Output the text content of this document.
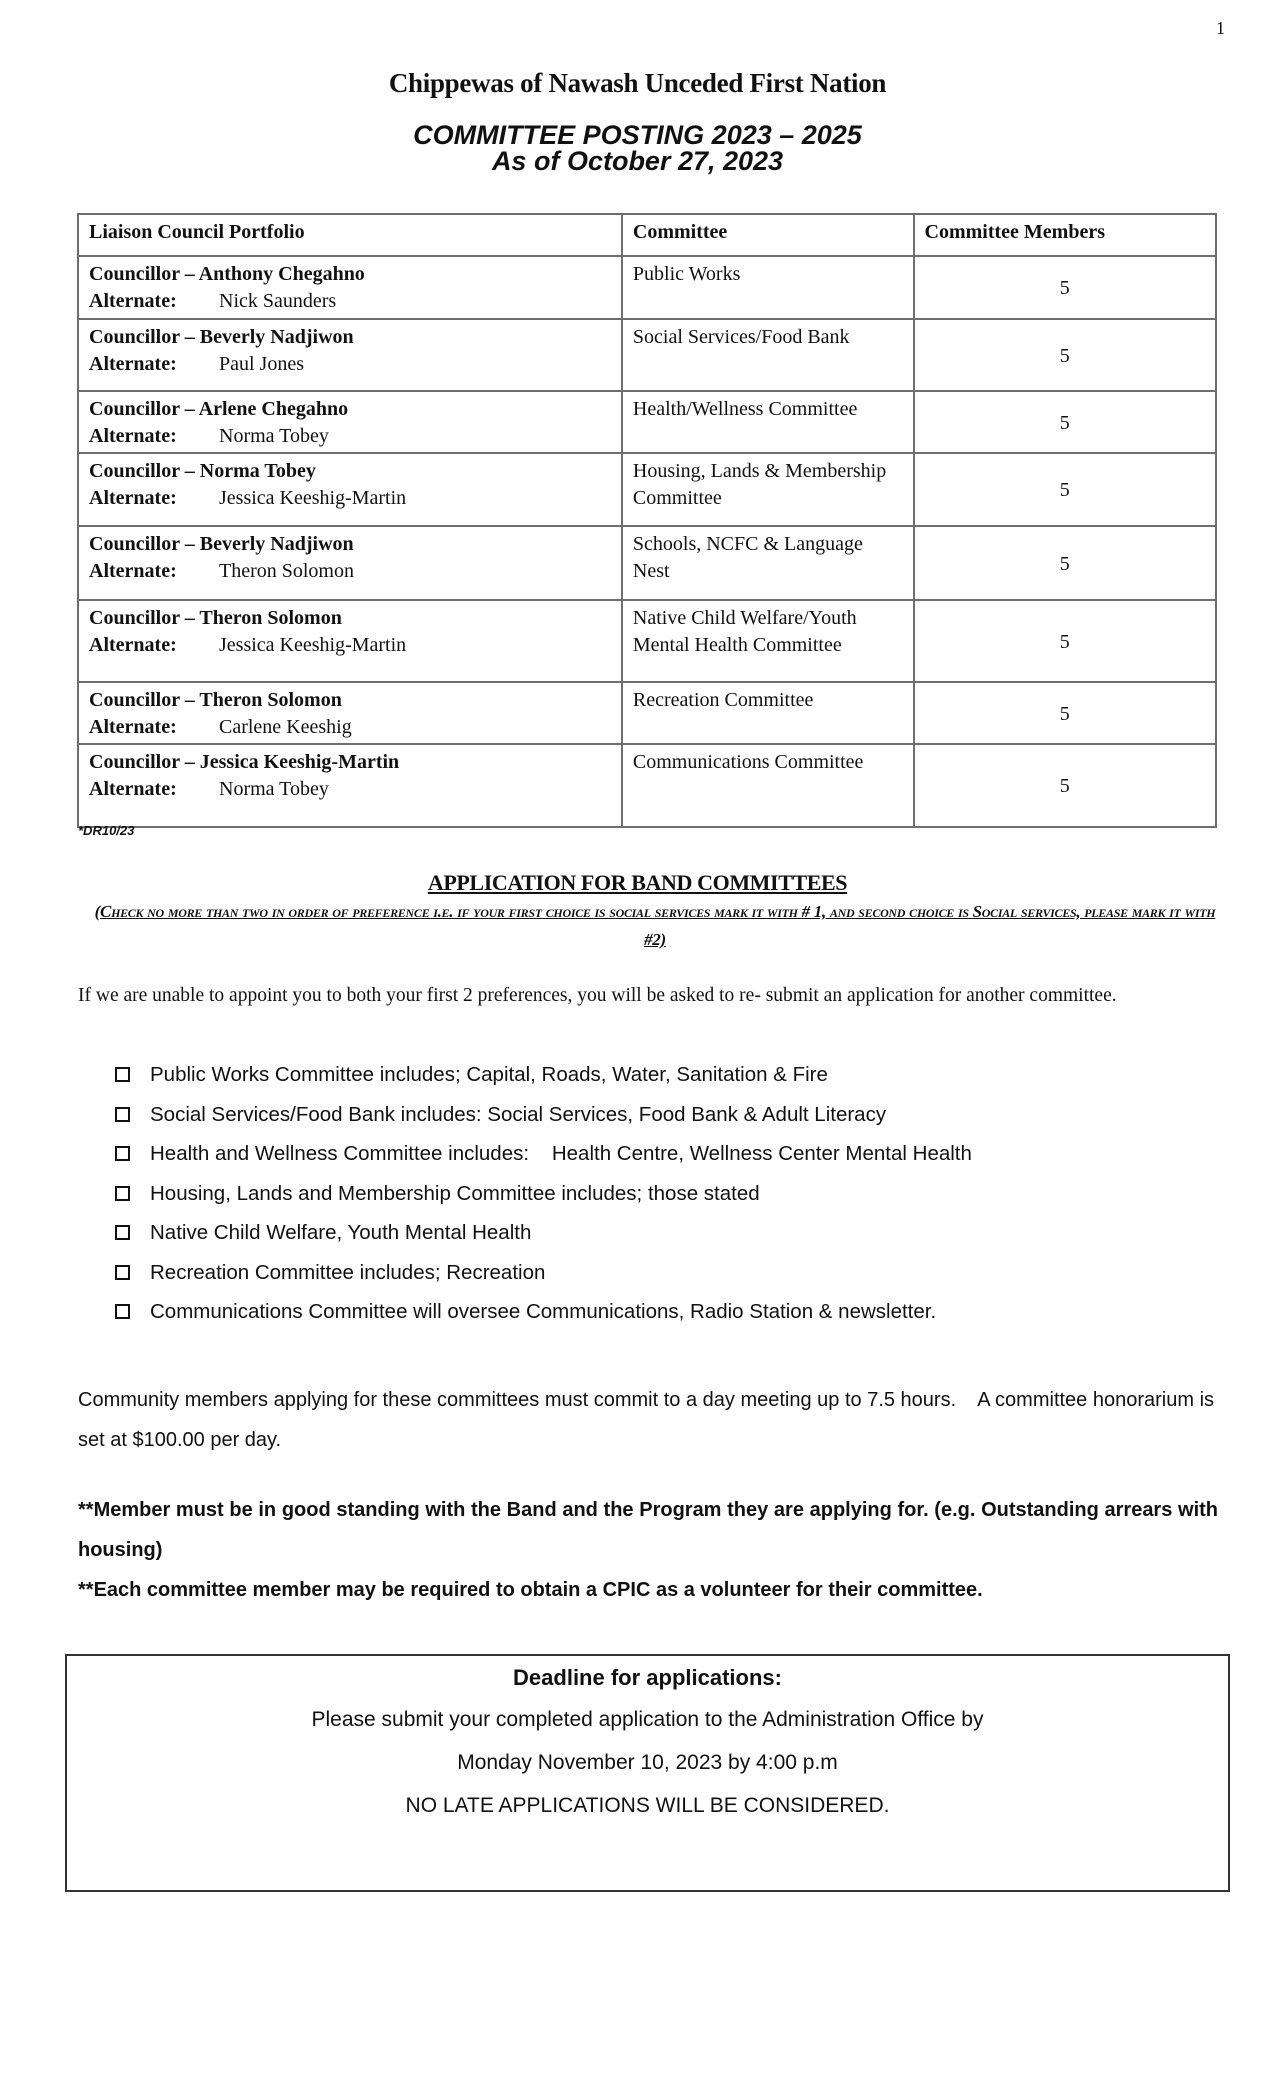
1
Chippewas of Nawash Unceded First Nation
COMMITTEE POSTING 2023 – 2025
As of October 27, 2023
Liaison Council Portfolio	Committee	Committee Members

Councillor – Anthony Chegahno
Alternate: Nick Saunders	Public Works	5

Councillor – Beverly Nadjiwon
Alternate: Paul Jones	Social Services/Food Bank	5

Councillor – Arlene Chegahno
Alternate: Norma Tobey	Health/Wellness Committee	5

Councillor – Norma Tobey
Alternate: Jessica Keeshig-Martin	Housing, Lands & Membership Committee	5

Councillor – Beverly Nadjiwon
Alternate: Theron Solomon	Schools, NCFC & Language Nest	5

Councillor – Theron Solomon
Alternate: Jessica Keeshig-Martin	Native Child Welfare/Youth Mental Health Committee	5

Councillor – Theron Solomon
Alternate: Carlene Keeshig	Recreation Committee	5

Councillor – Jessica Keeshig-Martin
Alternate: Norma Tobey	Communications Committee	5
*DR10/23
APPLICATION FOR BAND COMMITTEES
(Check no more than two in order of preference i.e. if your first choice is social services mark it with # 1, and second choice is Social services, please mark it with #2)
If we are unable to appoint you to both your first 2 preferences, you will be asked to re- submit an application for another committee.
Public Works Committee includes; Capital, Roads, Water, Sanitation & Fire
Social Services/Food Bank includes: Social Services, Food Bank & Adult Literacy
Health and Wellness Committee includes:    Health Centre, Wellness Center Mental Health
Housing, Lands and Membership Committee includes; those stated
Native Child Welfare, Youth Mental Health
Recreation Committee includes; Recreation
Communications Committee will oversee Communications, Radio Station & newsletter.
Community members applying for these committees must commit to a day meeting up to 7.5 hours.    A committee honorarium is set at $100.00 per day.
**Member must be in good standing with the Band and the Program they are applying for. (e.g. Outstanding arrears with housing)
**Each committee member may be required to obtain a CPIC as a volunteer for their committee.
Deadline for applications:
Please submit your completed application to the Administration Office by
Monday November 10, 2023 by 4:00 p.m
NO LATE APPLICATIONS WILL BE CONSIDERED.
